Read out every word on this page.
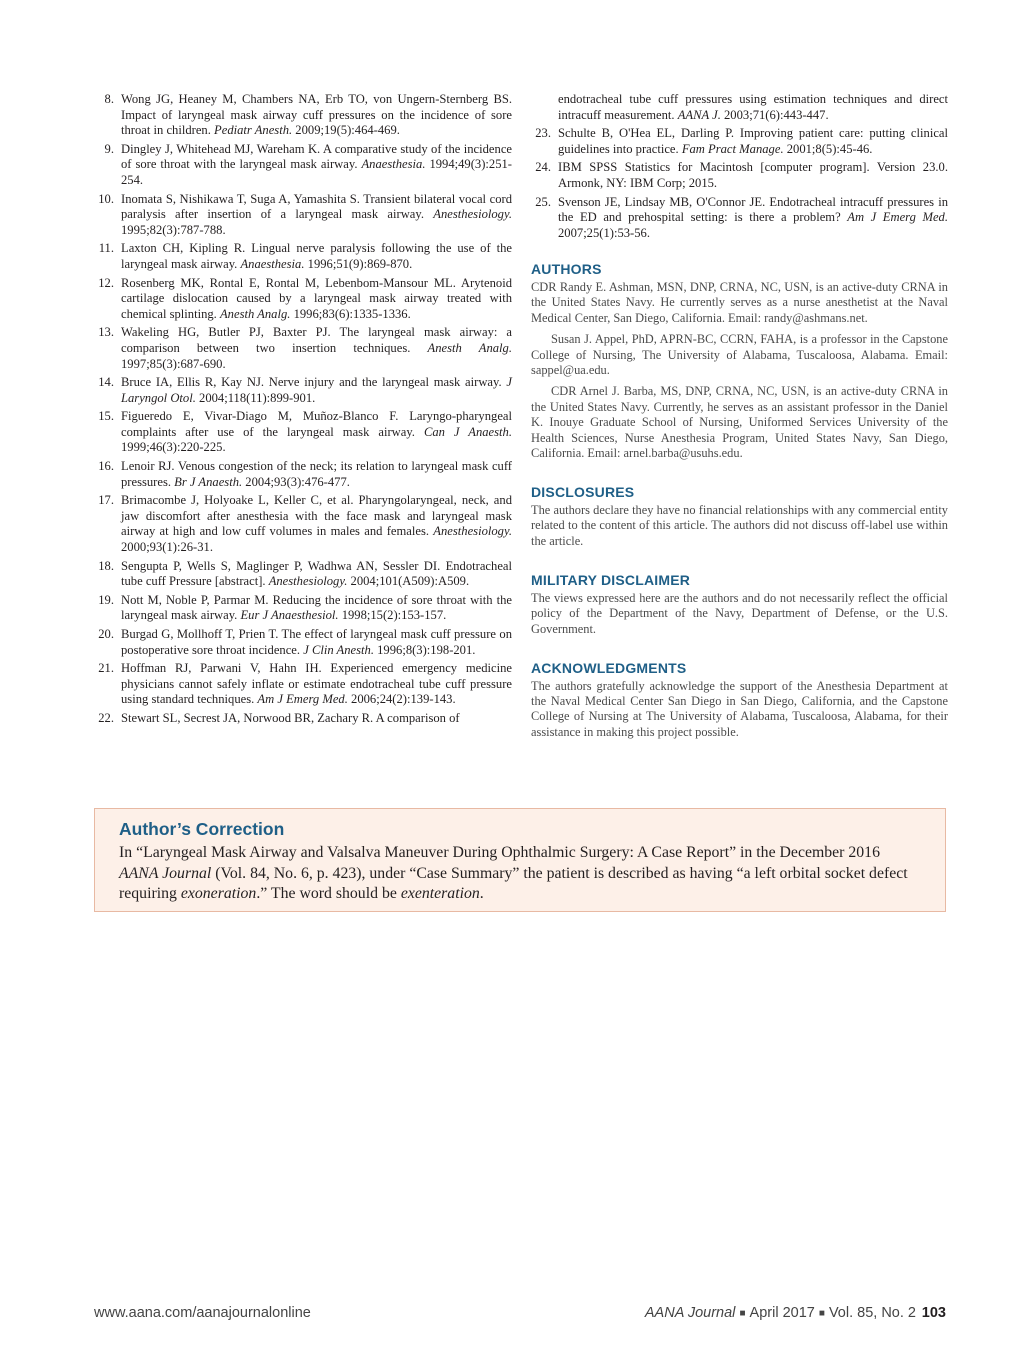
8. Wong JG, Heaney M, Chambers NA, Erb TO, von Ungern-Sternberg BS. Impact of laryngeal mask airway cuff pressures on the incidence of sore throat in children. Pediatr Anesth. 2009;19(5):464-469.
9. Dingley J, Whitehead MJ, Wareham K. A comparative study of the incidence of sore throat with the laryngeal mask airway. Anaesthesia. 1994;49(3):251-254.
10. Inomata S, Nishikawa T, Suga A, Yamashita S. Transient bilateral vocal cord paralysis after insertion of a laryngeal mask airway. Anesthesiology. 1995;82(3):787-788.
11. Laxton CH, Kipling R. Lingual nerve paralysis following the use of the laryngeal mask airway. Anaesthesia. 1996;51(9):869-870.
12. Rosenberg MK, Rontal E, Rontal M, Lebenbom-Mansour ML. Arytenoid cartilage dislocation caused by a laryngeal mask airway treated with chemical splinting. Anesth Analg. 1996;83(6):1335-1336.
13. Wakeling HG, Butler PJ, Baxter PJ. The laryngeal mask airway: a comparison between two insertion techniques. Anesth Analg. 1997;85(3):687-690.
14. Bruce IA, Ellis R, Kay NJ. Nerve injury and the laryngeal mask airway. J Laryngol Otol. 2004;118(11):899-901.
15. Figueredo E, Vivar-Diago M, Muñoz-Blanco F. Laryngo-pharyngeal complaints after use of the laryngeal mask airway. Can J Anaesth. 1999;46(3):220-225.
16. Lenoir RJ. Venous congestion of the neck; its relation to laryngeal mask cuff pressures. Br J Anaesth. 2004;93(3):476-477.
17. Brimacombe J, Holyoake L, Keller C, et al. Pharyngolaryngeal, neck, and jaw discomfort after anesthesia with the face mask and laryngeal mask airway at high and low cuff volumes in males and females. Anesthesiology. 2000;93(1):26-31.
18. Sengupta P, Wells S, Maglinger P, Wadhwa AN, Sessler DI. Endotracheal tube cuff Pressure [abstract]. Anesthesiology. 2004;101(A509):A509.
19. Nott M, Noble P, Parmar M. Reducing the incidence of sore throat with the laryngeal mask airway. Eur J Anaesthesiol. 1998;15(2):153-157.
20. Burgad G, Mollhoff T, Prien T. The effect of laryngeal mask cuff pressure on postoperative sore throat incidence. J Clin Anesth. 1996;8(3):198-201.
21. Hoffman RJ, Parwani V, Hahn IH. Experienced emergency medicine physicians cannot safely inflate or estimate endotracheal tube cuff pressure using standard techniques. Am J Emerg Med. 2006;24(2):139-143.
22. Stewart SL, Secrest JA, Norwood BR, Zachary R. A comparison of
endotracheal tube cuff pressures using estimation techniques and direct intracuff measurement. AANA J. 2003;71(6):443-447.
23. Schulte B, O'Hea EL, Darling P. Improving patient care: putting clinical guidelines into practice. Fam Pract Manage. 2001;8(5):45-46.
24. IBM SPSS Statistics for Macintosh [computer program]. Version 23.0. Armonk, NY: IBM Corp; 2015.
25. Svenson JE, Lindsay MB, O'Connor JE. Endotracheal intracuff pressures in the ED and prehospital setting: is there a problem? Am J Emerg Med. 2007;25(1):53-56.
AUTHORS

CDR Randy E. Ashman, MSN, DNP, CRNA, NC, USN, is an active-duty CRNA in the United States Navy. He currently serves as a nurse anesthetist at the Naval Medical Center, San Diego, California. Email: randy@ashmans.net.

Susan J. Appel, PhD, APRN-BC, CCRN, FAHA, is a professor in the Capstone College of Nursing, The University of Alabama, Tuscaloosa, Alabama. Email: sappel@ua.edu.

CDR Arnel J. Barba, MS, DNP, CRNA, NC, USN, is an active-duty CRNA in the United States Navy. Currently, he serves as an assistant professor in the Daniel K. Inouye Graduate School of Nursing, Uniformed Services University of the Health Sciences, Nurse Anesthesia Program, United States Navy, San Diego, California. Email: arnel.barba@usuhs.edu.

DISCLOSURES

The authors declare they have no financial relationships with any commercial entity related to the content of this article. The authors did not discuss off-label use within the article.

MILITARY DISCLAIMER

The views expressed here are the authors and do not necessarily reflect the official policy of the Department of the Navy, Department of Defense, or the U.S. Government.

ACKNOWLEDGMENTS

The authors gratefully acknowledge the support of the Anesthesia Department at the Naval Medical Center San Diego in San Diego, California, and the Capstone College of Nursing at The University of Alabama, Tuscaloosa, Alabama, for their assistance in making this project possible.

Author’s Correction
In “Laryngeal Mask Airway and Valsalva Maneuver During Ophthalmic Surgery: A Case Report” in the December 2016 AANA Journal (Vol. 84, No. 6, p. 423), under “Case Summary” the patient is described as having “a left orbital socket defect requiring exoneration.” The word should be exenteration.
www.aana.com/aanajournalonline	AANA Journal ■ April 2017 ■ Vol. 85, No. 2 103
